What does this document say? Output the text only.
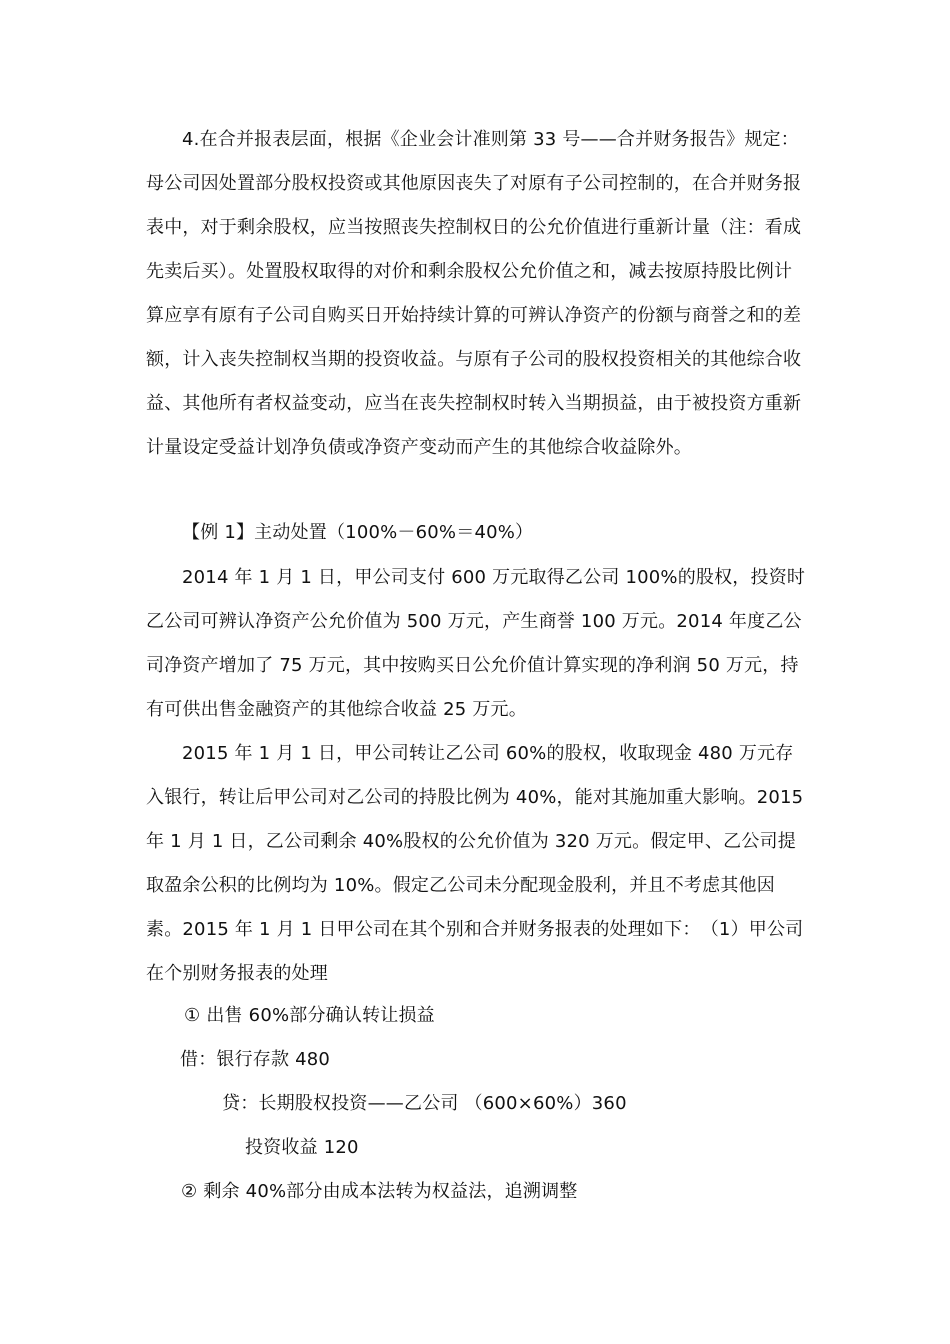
4.在合并报表层面，根据《企业会计准则第 33 号——合并财务报告》规定：母公司因处置部分股权投资或其他原因丧失了对原有子公司控制的，在合并财务报表中，对于剩余股权，应当按照丧失控制权日的公允价值进行重新计量（注：看成先卖后买）。处置股权取得的对价和剩余股权公允价值之和，减去按原持股比例计算应享有原有子公司自购买日开始持续计算的可辨认净资产的份额与商誉之和的差额，计入丧失控制权当期的投资收益。与原有子公司的股权投资相关的其他综合收益、其他所有者权益变动，应当在丧失控制权时转入当期损益，由于被投资方重新计量设定受益计划净负债或净资产变动而产生的其他综合收益除外。
【例 1】主动处置（100%－60%＝40%）
2014 年 1 月 1 日，甲公司支付 600 万元取得乙公司 100%的股权，投资时乙公司可辨认净资产公允价值为 500 万元，产生商誉 100 万元。2014 年度乙公司净资产增加了 75 万元，其中按购买日公允价值计算实现的净利润 50 万元，持有可供出售金融资产的其他综合收益 25 万元。
2015 年 1 月 1 日，甲公司转让乙公司 60%的股权，收取现金 480 万元存入银行，转让后甲公司对乙公司的持股比例为 40%，能对其施加重大影响。2015 年 1 月 1 日，乙公司剩余 40%股权的公允价值为 320 万元。假定甲、乙公司提取盈余公积的比例均为 10%。假定乙公司未分配现金股利，并且不考虑其他因素。2015 年 1 月 1 日甲公司在其个别和合并财务报表的处理如下：　（1）甲公司在个别财务报表的处理
① 出售 60%部分确认转让损益
借：银行存款 480
贷：长期股权投资——乙公司 （600×60%）360
投资收益 120
② 剩余 40%部分由成本法转为权益法，追溯调整
